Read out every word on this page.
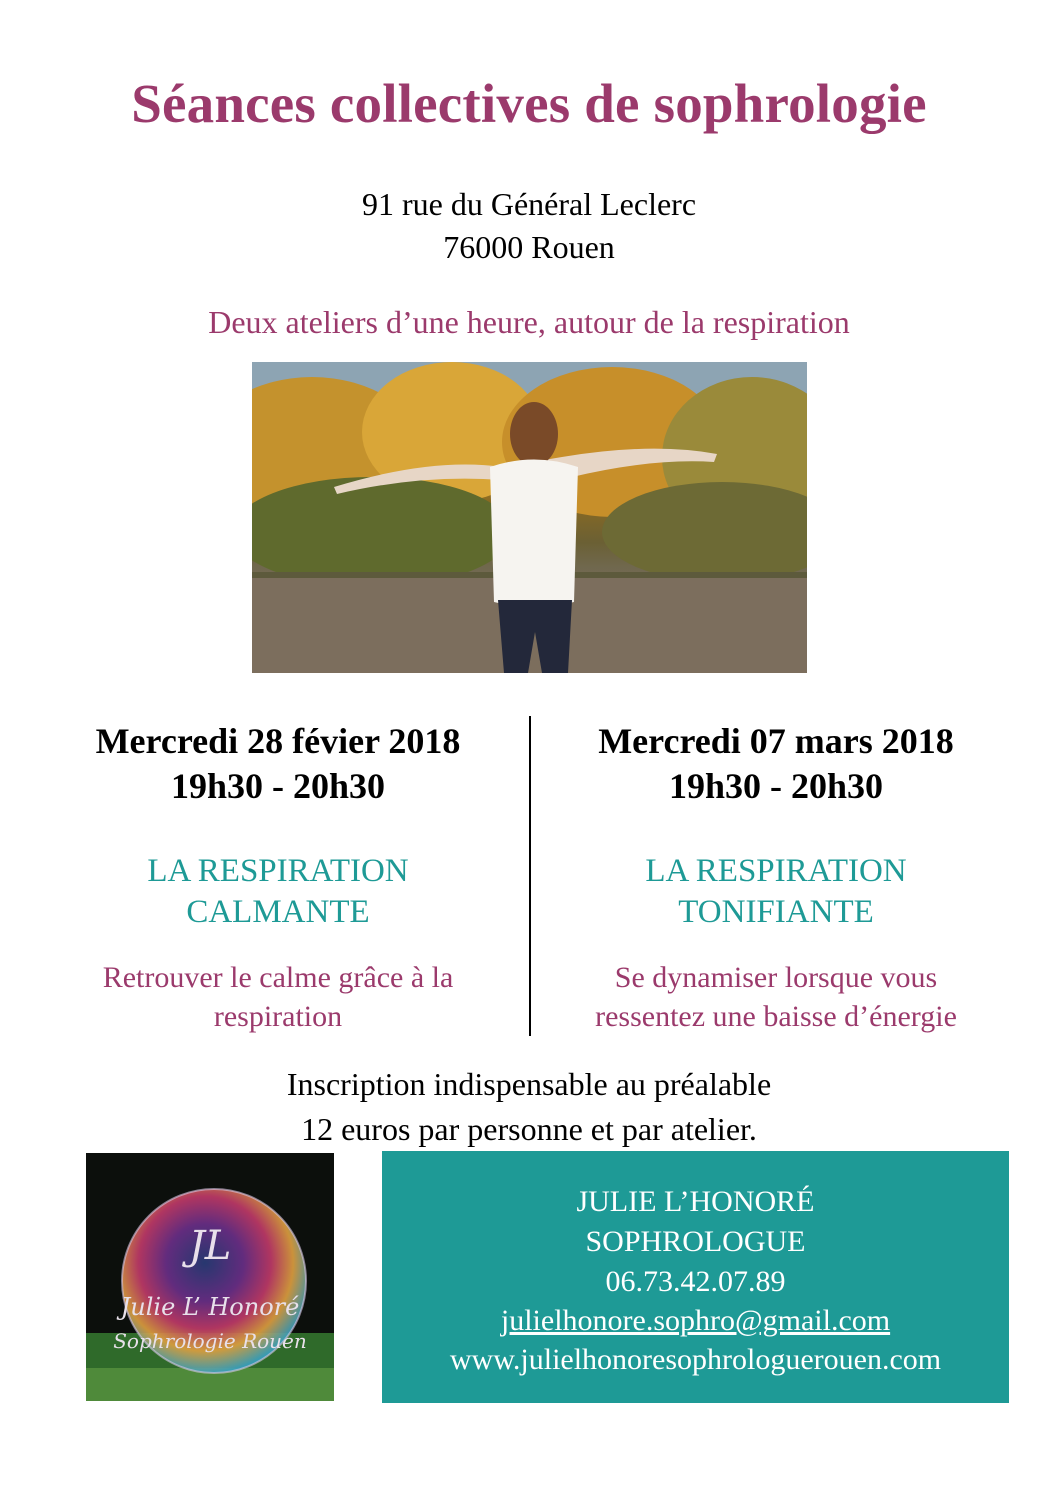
Séances collectives de sophrologie
91 rue du Général Leclerc
76000 Rouen
Deux ateliers d’une heure, autour de la respiration
Mercredi 28 févier 2018
19h30 - 20h30
LA RESPIRATION
CALMANTE
Retrouver le calme grâce à la
respiration
Mercredi 07 mars 2018
19h30 - 20h30
LA RESPIRATION
TONIFIANTE
Se dynamiser lorsque vous
ressentez une baisse d’énergie
Inscription indispensable au préalable
12 euros par personne et par atelier.
JL
Julie L’ Honoré
Sophrologie Rouen
JULIE L’HONORÉ
SOPHROLOGUE
06.73.42.07.89
julielhonore.sophro@gmail.com
www.julielhonoresophrologuerouen.com
